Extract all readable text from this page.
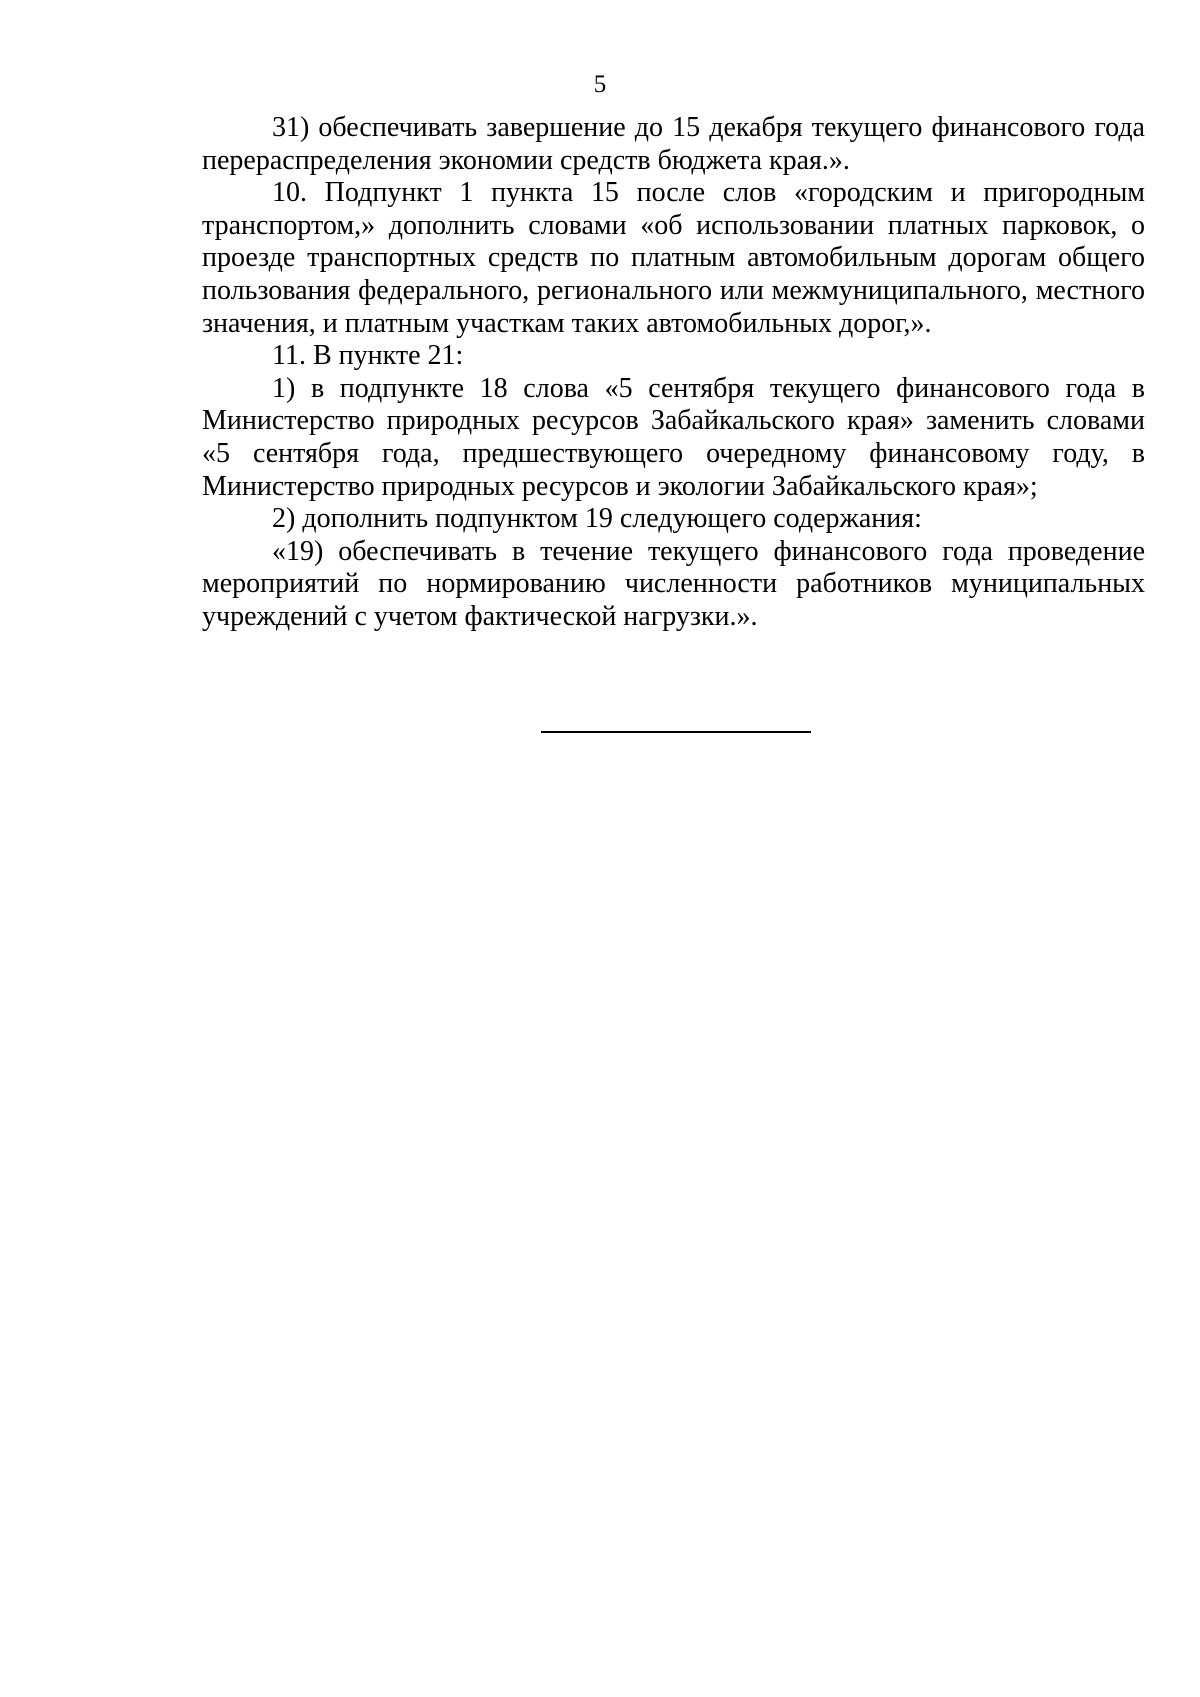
5

31) обеспечивать завершение до 15 декабря текущего финансового года перераспределения экономии средств бюджета края.».

10. Подпункт 1 пункта 15 после слов «городским и пригородным транспортом,» дополнить словами «об использовании платных парковок, о проезде транспортных средств по платным автомобильным дорогам общего пользования федерального, регионального или межмуниципального, местного значения, и платным участкам таких автомобильных дорог,».

11. В пункте 21:

1) в подпункте 18 слова «5 сентября текущего финансового года в Министерство природных ресурсов Забайкальского края» заменить словами «5 сентября года, предшествующего очередному финансовому году, в Министерство природных ресурсов и экологии Забайкальского края»;

2) дополнить подпунктом 19 следующего содержания:

«19) обеспечивать в течение текущего финансового года проведение мероприятий по нормированию численности работников муниципальных учреждений с учетом фактической нагрузки.».
